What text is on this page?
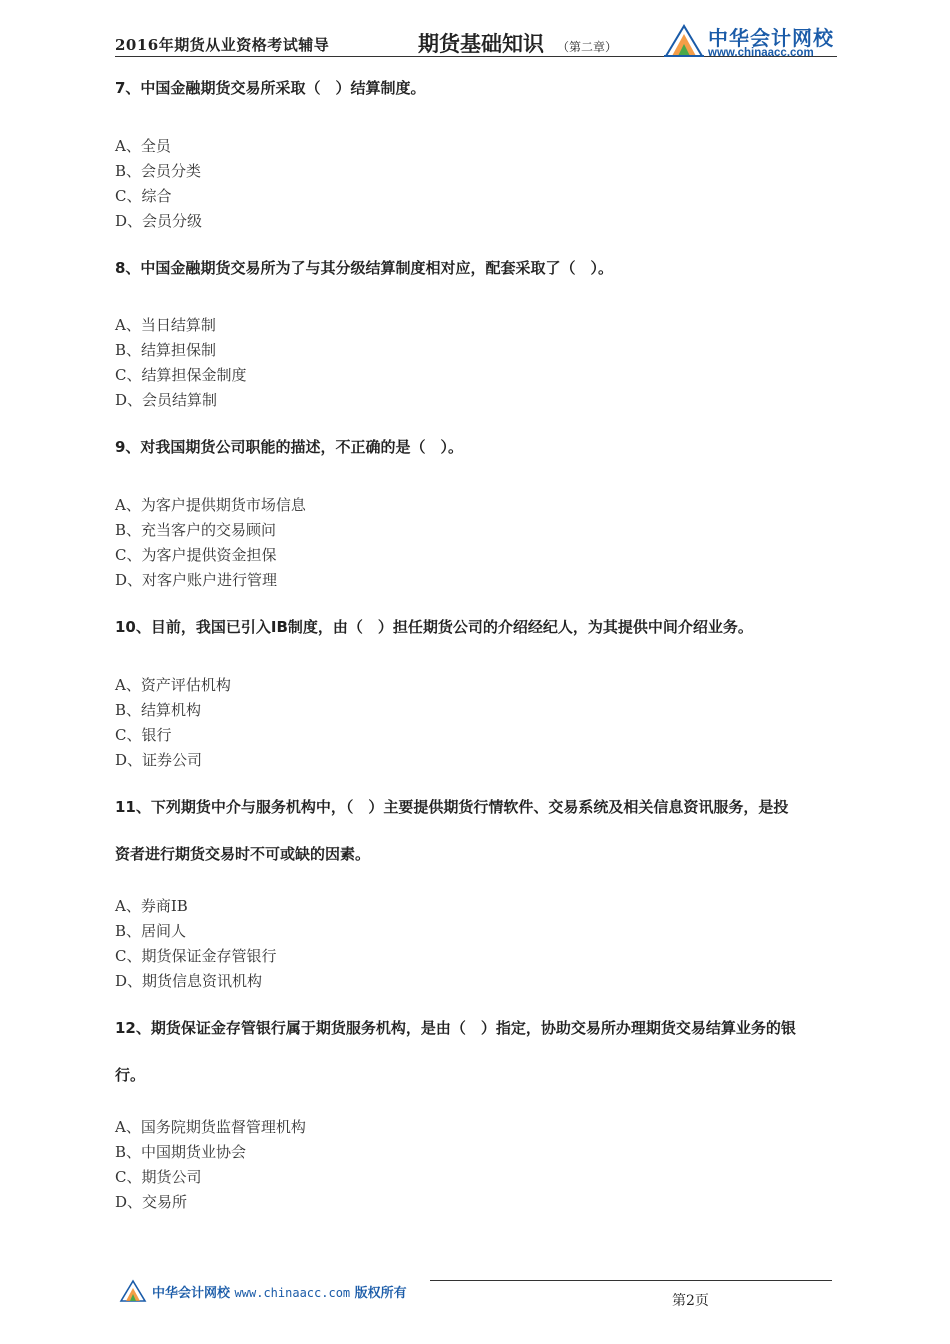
2016年期货从业资格考试辅导	期货基础知识 （第二章）	中华会计网校
www.chinaacc.com
7、中国金融期货交易所采取（　）结算制度。
A、全员
B、会员分类
C、综合
D、会员分级
8、中国金融期货交易所为了与其分级结算制度相对应，配套采取了（　）。
A、当日结算制
B、结算担保制
C、结算担保金制度
D、会员结算制
9、对我国期货公司职能的描述，不正确的是（　）。
A、为客户提供期货市场信息
B、充当客户的交易顾问
C、为客户提供资金担保
D、对客户账户进行管理
10、目前，我国已引入IB制度，由（　）担任期货公司的介绍经纪人，为其提供中间介绍业务。
A、资产评估机构
B、结算机构
C、银行
D、证券公司
11、下列期货中介与服务机构中，（　）主要提供期货行情软件、交易系统及相关信息资讯服务，是投
资者进行期货交易时不可或缺的因素。
A、券商IB
B、居间人
C、期货保证金存管银行
D、期货信息资讯机构
12、期货保证金存管银行属于期货服务机构，是由（　）指定，协助交易所办理期货交易结算业务的银
行。
A、国务院期货监督管理机构
B、中国期货业协会
C、期货公司
D、交易所
中华会计网校 www.chinaacc.com 版权所有	第2页
